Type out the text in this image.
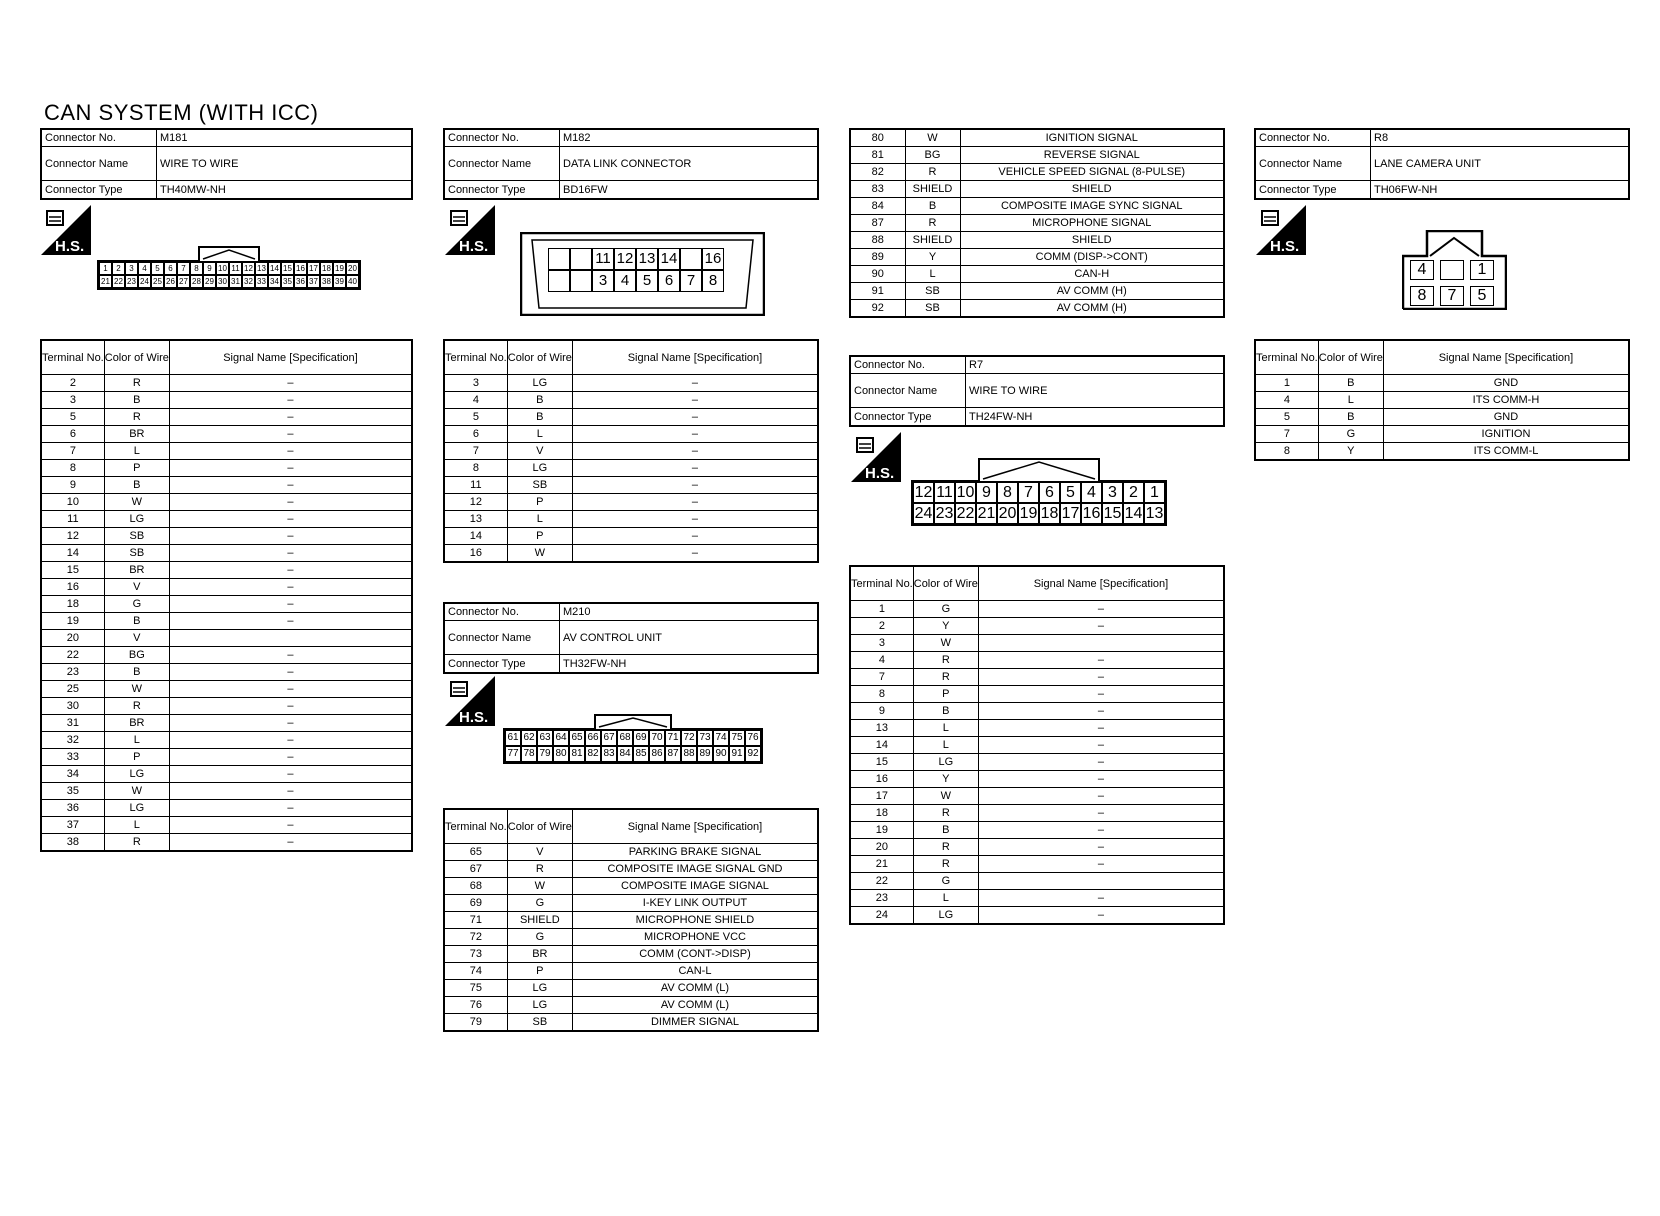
CAN SYSTEM (WITH ICC)
Connector No.	M181
Connector Name	WIRE TO WIRE
Connector Type	TH40MW-NH
H.S.
1	2	3	4	5	6	7	8	9 10 11 12 13 14 15 16 17 18 19 20
21 22 23 24 25 26 27 28 29 30 31 32 33 34 35 36 37 38 39 40
Terminal No.	Color of Wire	Signal Name [Specification]
2	R	–
3	B	–
5	R	–
6	BR	–
7	L	–
8	P	–
9	B	–
10	W	–
11	LG	–
12	SB	–
14	SB	–
15	BR	–
16	V	–
18	G	–
19	B	–
20	V	
22	BG	–
23	B	–
25	W	–
30	R	–
31	BR	–
32	L	–
33	P	–
34	LG	–
35	W	–
36	LG	–
37	L	–
38	R	–
Connector No.	M182
Connector Name	DATA LINK CONNECTOR
Connector Type	BD16FW
H.S.
11 12 13 14 16
3 4 5 6 7 8
Terminal No.	Color of Wire	Signal Name [Specification]
3	LG	–
4	B	–
5	B	–
6	L	–
7	V	–
8	LG	–
11	SB	–
12	P	–
13	L	–
14	P	–
16	W	–
Connector No.	M210
Connector Name	AV CONTROL UNIT
Connector Type	TH32FW-NH
H.S.
61 62 63 64 65 66 67 68 69 70 71 72 73 74 75 76
77 78 79 80 81 82 83 84 85 86 87 88 89 90 91 92
Terminal No.	Color of Wire	Signal Name [Specification]
65	V	PARKING BRAKE SIGNAL
67	R	COMPOSITE IMAGE SIGNAL GND
68	W	COMPOSITE IMAGE SIGNAL
69	G	I-KEY LINK OUTPUT
71	SHIELD	MICROPHONE SHIELD
72	G	MICROPHONE VCC
73	BR	COMM (CONT->DISP)
74	P	CAN-L
75	LG	AV COMM (L)
76	LG	AV COMM (L)
79	SB	DIMMER SIGNAL
80	W	IGNITION SIGNAL
81	BG	REVERSE SIGNAL
82	R	VEHICLE SPEED SIGNAL (8-PULSE)
83	SHIELD	SHIELD
84	B	COMPOSITE IMAGE SYNC SIGNAL
87	R	MICROPHONE SIGNAL
88	SHIELD	SHIELD
89	Y	COMM (DISP->CONT)
90	L	CAN-H
91	SB	AV COMM (H)
92	SB	AV COMM (H)
Connector No.	R7
Connector Name	WIRE TO WIRE
Connector Type	TH24FW-NH
H.S.
12 11 10 9 8 7 6 5 4 3 2 1
24 23 22 21 20 19 18 17 16 15 14 13
Terminal No.	Color of Wire	Signal Name [Specification]
1	G	–
2	Y	–
3	W	
4	R	–
7	R	–
8	P	–
9	B	–
13	L	–
14	L	–
15	LG	–
16	Y	–
17	W	–
18	R	–
19	B	–
20	R	–
21	R	–
22	G	
23	L	–
24	LG	–
Connector No.	R8
Connector Name	LANE CAMERA UNIT
Connector Type	TH06FW-NH
H.S.
4	1
8	7	5
Terminal No.	Color of Wire	Signal Name [Specification]
1	B	GND
4	L	ITS COMM-H
5	B	GND
7	G	IGNITION
8	Y	ITS COMM-L
